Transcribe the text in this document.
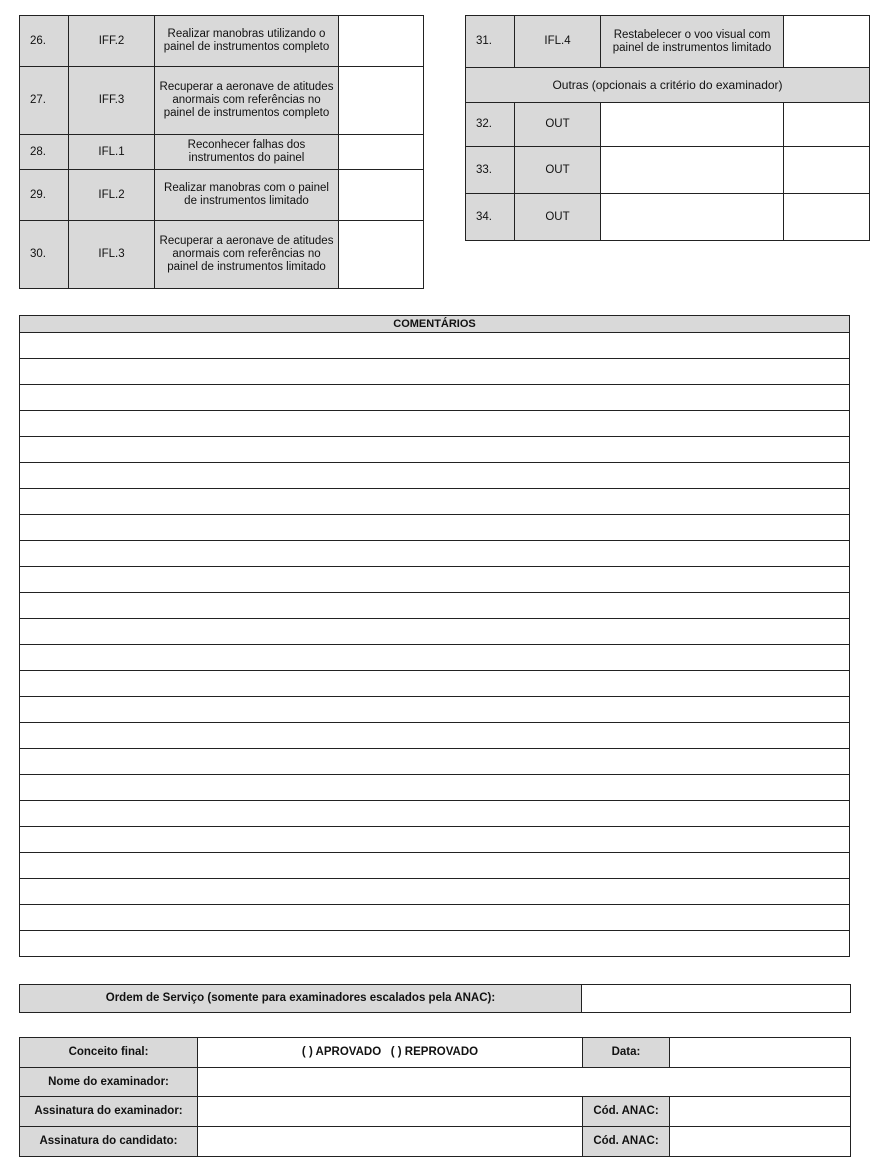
26.	IFF.2	Realizar manobras utilizando o painel de instrumentos completo	
27.	IFF.3	Recuperar a aeronave de atitudes anormais com referências no painel de instrumentos completo	
28.	IFL.1	Reconhecer falhas dos instrumentos do painel	
29.	IFL.2	Realizar manobras com o painel de instrumentos limitado	
30.	IFL.3	Recuperar a aeronave de atitudes anormais com referências no painel de instrumentos limitado	
31.	IFL.4	Restabelecer o voo visual com painel de instrumentos limitado	
Outras (opcionais a critério do examinador)			
32.	OUT		
33.	OUT		
34.	OUT		
COMENTÁRIOS

Ordem de Serviço (somente para examinadores escalados pela ANAC):	
Conceito final:	( ) APROVADO ( ) REPROVADO	Data:	
Nome do examinador:			
Assinatura do examinador:		Cód. ANAC:	
Assinatura do candidato:		Cód. ANAC:	
